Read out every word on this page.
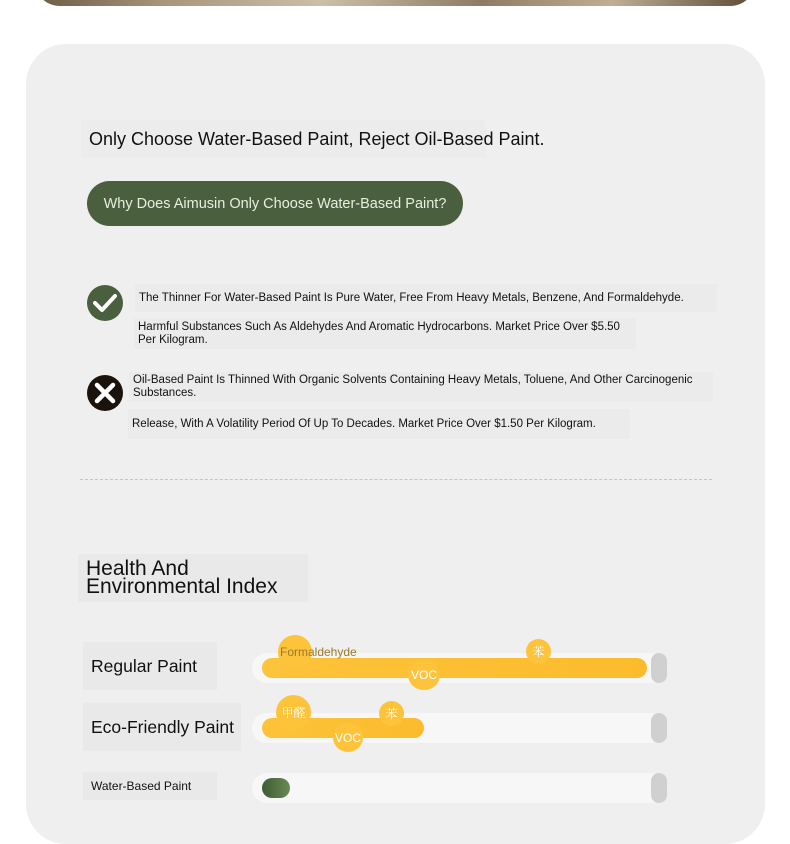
Only Choose Water-Based Paint, Reject Oil-Based Paint.
Why Does Aimusin Only Choose Water-Based Paint?
The Thinner For Water-Based Paint Is Pure Water, Free From Heavy Metals, Benzene, And Formaldehyde.
Harmful Substances Such As Aldehydes And Aromatic Hydrocarbons. Market Price Over $5.50 Per Kilogram.
Oil-Based Paint Is Thinned With Organic Solvents Containing Heavy Metals, Toluene, And Other Carcinogenic Substances.
Release, With A Volatility Period Of Up To Decades. Market Price Over $1.50 Per Kilogram.
Health And Environmental Index
Regular Paint
Formaldehyde	苯
VOC
Eco-Friendly Paint
甲醛	苯
VOC
Water-Based Paint
